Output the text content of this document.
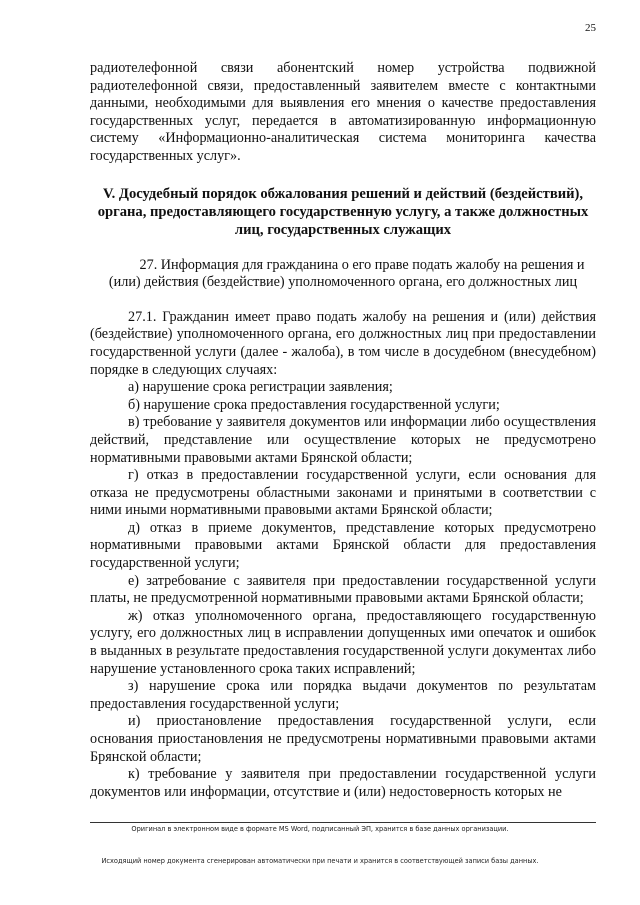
25

радиотелефонной связи абонентский номер устройства подвижной радиотелефонной связи, предоставленный заявителем вместе с контактными данными, необходимыми для выявления его мнения о качестве предоставления государственных услуг, передается в автоматизированную информационную систему «Информационно-аналитическая система мониторинга качества государственных услуг».

V. Досудебный порядок обжалования решений и действий (бездействий), органа, предоставляющего государственную услугу, а также должностных лиц, государственных служащих

27. Информация для гражданина о его праве подать жалобу на решения и (или) действия (бездействие) уполномоченного органа, его должностных лиц

27.1. Гражданин имеет право подать жалобу на решения и (или) действия (бездействие) уполномоченного органа, его должностных лиц при предоставлении государственной услуги (далее - жалоба), в том числе в досудебном (внесудебном) порядке в следующих случаях:

а) нарушение срока регистрации заявления;

б) нарушение срока предоставления государственной услуги;

в) требование у заявителя документов или информации либо осуществления действий, представление или осуществление которых не предусмотрено нормативными правовыми актами Брянской области;

г) отказ в предоставлении государственной услуги, если основания для отказа не предусмотрены областными законами и принятыми в соответствии с ними иными нормативными правовыми актами Брянской области;

д) отказ в приеме документов, представление которых предусмотрено нормативными правовыми актами Брянской области для предоставления государственной услуги;

е) затребование с заявителя при предоставлении государственной услуги платы, не предусмотренной нормативными правовыми актами Брянской области;

ж) отказ уполномоченного органа, предоставляющего государственную услугу, его должностных лиц в исправлении допущенных ими опечаток и ошибок в выданных в результате предоставления государственной услуги документах либо нарушение установленного срока таких исправлений;

з) нарушение срока или порядка выдачи документов по результатам предоставления государственной услуги;

и) приостановление предоставления государственной услуги, если основания приостановления не предусмотрены нормативными правовыми актами Брянской области;

к) требование у заявителя при предоставлении государственной услуги документов или информации, отсутствие и (или) недостоверность которых не

Оригинал в электронном виде в формате MS Word, подписанный ЭП, хранится в базе данных организации.
Исходящий номер документа сгенерирован автоматически при печати и хранится в соответствующей записи базы данных.
